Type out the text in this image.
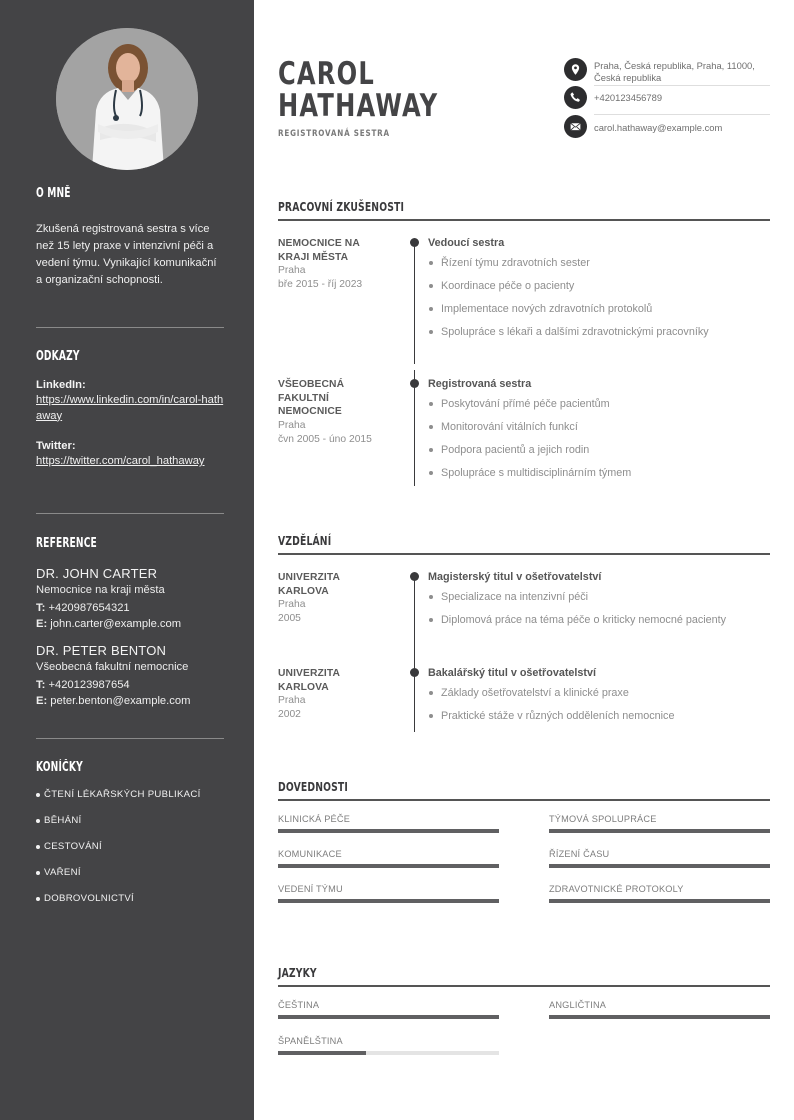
O MNĚ

Zkušená registrovaná sestra s více než 15 lety praxe v intenzivní péči a vedení týmu. Vynikající komunikační a organizační schopnosti.

ODKAZY
LinkedIn:
https://www.linkedin.com/in/carol-hathaway
Twitter:
https://twitter.com/carol_hathaway
REFERENCE
DR. JOHN CARTER
Nemocnice na kraji města
T: +420987654321
E: john.carter@example.com
DR. PETER BENTON
Všeobecná fakultní nemocnice
T: +420123987654
E: peter.benton@example.com
KONÍČKY
ČTENÍ LÉKAŘSKÝCH PUBLIKACÍ
BĚHÁNÍ
CESTOVÁNÍ
VAŘENÍ
DOBROVOLNICTVÍ
CAROL
HATHAWAY
REGISTROVANÁ SESTRA
Praha, Česká republika, Praha, 11000, Česká republika
+420123456789
carol.hathaway@example.com
PRACOVNÍ ZKUŠENOSTI
NEMOCNICE NA KRAJI MĚSTA
Praha
bře 2015 - říj 2023
Vedoucí sestra
Řízení týmu zdravotních sester
Koordinace péče o pacienty
Implementace nových zdravotních protokolů
Spolupráce s lékaři a dalšími zdravotnickými pracovníky
VŠEOBECNÁ FAKULTNÍ NEMOCNICE
Praha
čvn 2005 - úno 2015
Registrovaná sestra
Poskytování přímé péče pacientům
Monitorování vitálních funkcí
Podpora pacientů a jejich rodin
Spolupráce s multidisciplinárním týmem
VZDĚLÁNÍ
UNIVERZITA KARLOVA
Praha
2005
Magisterský titul v ošetřovatelství
Specializace na intenzivní péči
Diplomová práce na téma péče o kriticky nemocné pacienty
UNIVERZITA KARLOVA
Praha
2002
Bakalářský titul v ošetřovatelství
Základy ošetřovatelství a klinické praxe
Praktické stáže v různých odděleních nemocnice
DOVEDNOSTI
KLINICKÁ PÉČE	TÝMOVÁ SPOLUPRÁCE
KOMUNIKACE	ŘÍZENÍ ČASU
VEDENÍ TÝMU	ZDRAVOTNICKÉ PROTOKOLY
JAZYKY
ČEŠTINA	ANGLIČTINA
ŠPANĚLŠTINA
